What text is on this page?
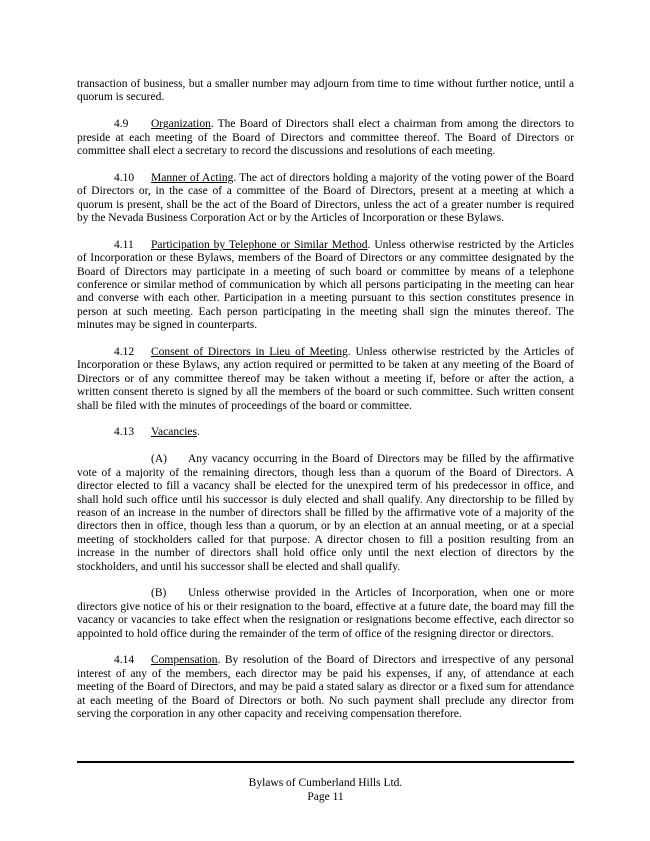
transaction of business, but a smaller number may adjourn from time to time without further notice, until a quorum is secured.

4.9 Organization. The Board of Directors shall elect a chairman from among the directors to preside at each meeting of the Board of Directors and committee thereof. The Board of Directors or committee shall elect a secretary to record the discussions and resolutions of each meeting.

4.10 Manner of Acting. The act of directors holding a majority of the voting power of the Board of Directors or, in the case of a committee of the Board of Directors, present at a meeting at which a quorum is present, shall be the act of the Board of Directors, unless the act of a greater number is required by the Nevada Business Corporation Act or by the Articles of Incorporation or these Bylaws.

4.11 Participation by Telephone or Similar Method. Unless otherwise restricted by the Articles of Incorporation or these Bylaws, members of the Board of Directors or any committee designated by the Board of Directors may participate in a meeting of such board or committee by means of a telephone conference or similar method of communication by which all persons participating in the meeting can hear and converse with each other. Participation in a meeting pursuant to this section constitutes presence in person at such meeting. Each person participating in the meeting shall sign the minutes thereof. The minutes may be signed in counterparts.

4.12 Consent of Directors in Lieu of Meeting. Unless otherwise restricted by the Articles of Incorporation or these Bylaws, any action required or permitted to be taken at any meeting of the Board of Directors or of any committee thereof may be taken without a meeting if, before or after the action, a written consent thereto is signed by all the members of the board or such committee. Such written consent shall be filed with the minutes of proceedings of the board or committee.

4.13 Vacancies.

(A) Any vacancy occurring in the Board of Directors may be filled by the affirmative vote of a majority of the remaining directors, though less than a quorum of the Board of Directors. A director elected to fill a vacancy shall be elected for the unexpired term of his predecessor in office, and shall hold such office until his successor is duly elected and shall qualify. Any directorship to be filled by reason of an increase in the number of directors shall be filled by the affirmative vote of a majority of the directors then in office, though less than a quorum, or by an election at an annual meeting, or at a special meeting of stockholders called for that purpose. A director chosen to fill a position resulting from an increase in the number of directors shall hold office only until the next election of directors by the stockholders, and until his successor shall be elected and shall qualify.

(B) Unless otherwise provided in the Articles of Incorporation, when one or more directors give notice of his or their resignation to the board, effective at a future date, the board may fill the vacancy or vacancies to take effect when the resignation or resignations become effective, each director so appointed to hold office during the remainder of the term of office of the resigning director or directors.

4.14 Compensation. By resolution of the Board of Directors and irrespective of any personal interest of any of the members, each director may be paid his expenses, if any, of attendance at each meeting of the Board of Directors, and may be paid a stated salary as director or a fixed sum for attendance at each meeting of the Board of Directors or both. No such payment shall preclude any director from serving the corporation in any other capacity and receiving compensation therefore.

Bylaws of Cumberland Hills Ltd.
Page 11
